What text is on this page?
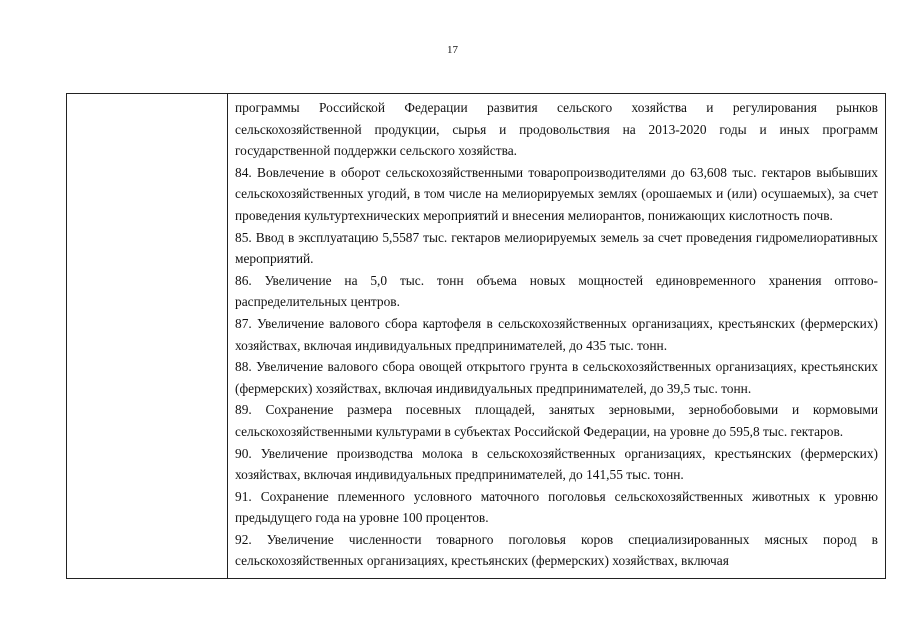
17

программы Российской Федерации развития сельского хозяйства и регулирования рынков сельскохозяйственной продукции, сырья и продовольствия на 2013-2020 годы и иных программ государственной поддержки сельского хозяйства.

84. Вовлечение в оборот сельскохозяйственными товаропроизводителями до 63,608 тыс. гектаров выбывших сельскохозяйственных угодий, в том числе на мелиорируемых землях (орошаемых и (или) осушаемых), за счет проведения культуртехнических мероприятий и внесения мелиорантов, понижающих кислотность почв.

85. Ввод в эксплуатацию 5,5587 тыс. гектаров мелиорируемых земель за счет проведения гидромелиоративных мероприятий.

86. Увеличение на 5,0 тыс. тонн объема новых мощностей единовременного хранения оптово-распределительных центров.

87. Увеличение валового сбора картофеля в сельскохозяйственных организациях, крестьянских (фермерских) хозяйствах, включая индивидуальных предпринимателей, до 435 тыс. тонн.

88. Увеличение валового сбора овощей открытого грунта в сельскохозяйственных организациях, крестьянских (фермерских) хозяйствах, включая индивидуальных предпринимателей, до 39,5 тыс. тонн.

89. Сохранение размера посевных площадей, занятых зерновыми, зернобобовыми и кормовыми сельскохозяйственными культурами в субъектах Российской Федерации, на уровне до 595,8 тыс. гектаров.

90. Увеличение производства молока в сельскохозяйственных организациях, крестьянских (фермерских) хозяйствах, включая индивидуальных предпринимателей, до 141,55 тыс. тонн.

91. Сохранение племенного условного маточного поголовья сельскохозяйственных животных к уровню предыдущего года на уровне 100 процентов.

92. Увеличение численности товарного поголовья коров специализированных мясных пород в сельскохозяйственных организациях, крестьянских (фермерских) хозяйствах, включая
